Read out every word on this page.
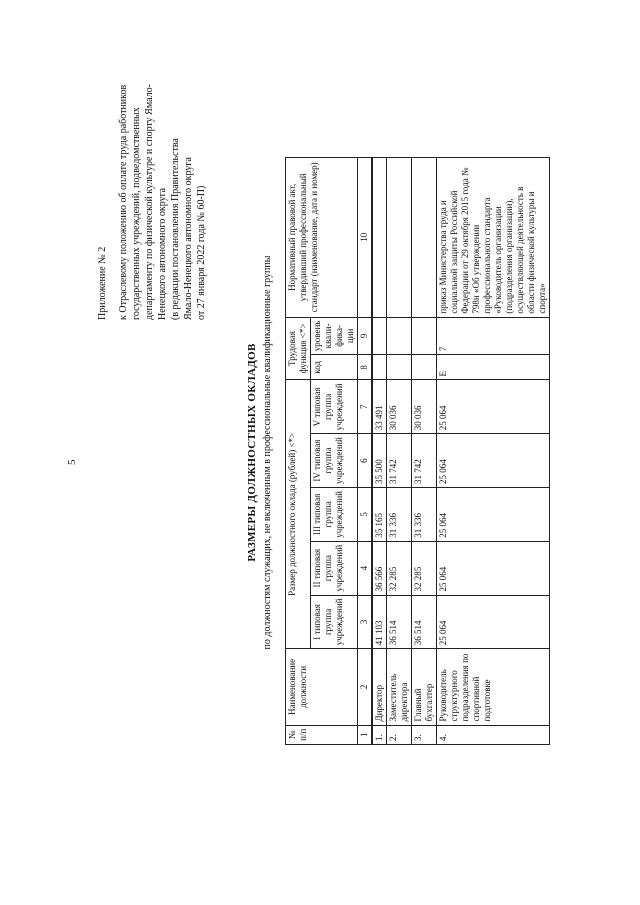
5
Приложение № 2 к Отраслевому положению об оплате труда работников государственных учреждений, подведомственных департаменту по физической культуре и спорту Ямало- Ненецкого автономного округа (в редакции постановления Правительства Ямало-Ненецкого автономного округа от 27 января 2022 года № 60-П)
РАЗМЕРЫ ДОЛЖНОСТНЫХ ОКЛАДОВ по должностям служащих, не включенным в профессиональные квалификационные группы
№ п/п	Наименование должности	Размер должностного оклада (рублей) <*>					Трудовая функция <*>		Нормативный правовой акт, утвердивший профессиональный стандарт (наименование, дата и номер)
		I типовая группа учреждений	II типовая группа учреждений	III типовая группа учреждений	IV типовая группа учреждений	V типовая группа учреждений	код	уровень квали-фика-ции	
1	2	3	4	5	6	7	8	9	10
1.	Директор	41 103	36 566	35 165	35 500	33 491			
2.	Заместитель директора	36 514	32 285	31 336	31 742	30 036			
3.	Главный бухгалтер	36 514	32 285	31 336	31 742	30 036			
4.	Руководитель структурного подразделения по спортивной подготовке	25 064	25 064	25 064	25 064	25 064	E	7	приказ Министерства труда и социальной защиты Российской Федерации от 29 октября 2015 года № 798н «Об утверждении профессионального стандарта «Руководитель организации (подразделения организации), осуществляющей деятельность в области физической культуры и спорта»
